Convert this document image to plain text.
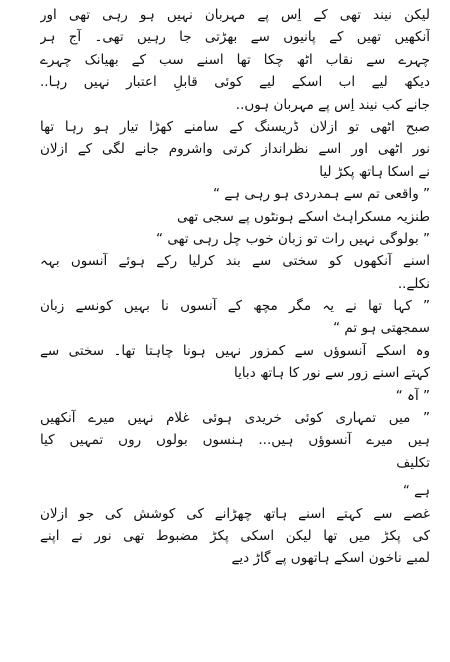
لیکن نیند تھی کے اِس پے مہربان نہیں ہو رہی تھی اور
آنکھیں تھیں کے پانیوں سے بھڑتی جا رہیں تھی۔ آج ہر
چہرے سے نقاب اٹھ چکا تھا اسنے سب کے بھیانک چہرے
دیکھ لیے اب اسکے لیے کوئی قابلِ اعتبار نہیں رہا..
جانے کب نیند اِس پے مہربان ہوں..
صبح اٹھی تو ازلان ڈریسنگ کے سامنے کھڑا تیار ہو رہا تھا
نور اٹھی اور اسے نظرانداز کرتی واشروم جانے لگی کے ازلان
نے اسکا ہاتھ پکڑ لیا
” واقعی تم سے ہمدردی ہو رہی ہے “
طنزیہ مسکراہٹ اسکے ہونٹوں پے سجی تھی
” بولوگی نہیں رات تو زبان خوب چل رہی تھی “
اسنے آنکھوں کو سختی سے بند کرلیا رکے ہوئے آنسوں بہہ
نکلے..
” کہا تھا نے یہ مگر مچھ کے آنسوں نا بہیں کونسے زبان
سمجھتی ہو تم “
وہ اسکے آنسوؤں سے کمزور نہیں ہونا چاہتا تھا۔ سختی سے
کہتے اسنے زور سے نور کا ہاتھ دبایا
” آہ “
” میں تمہاری کوئی خریدی ہوئی غلام نہیں میرے آنکھیں
ہیں میرے آنسوؤں ہیں... ہنسوں بولوں روں تمہیں کیا
تکلیف
ہے “
غصے سے کہتے اسنے ہاتھ چھڑانے کی کوشش کی جو ازلان
کی پکڑ میں تھا لیکن اسکی پکڑ مضبوط تھی نور نے اپنے
لمبے ناخون اسکے ہاتھوں پے گاڑ دیے
